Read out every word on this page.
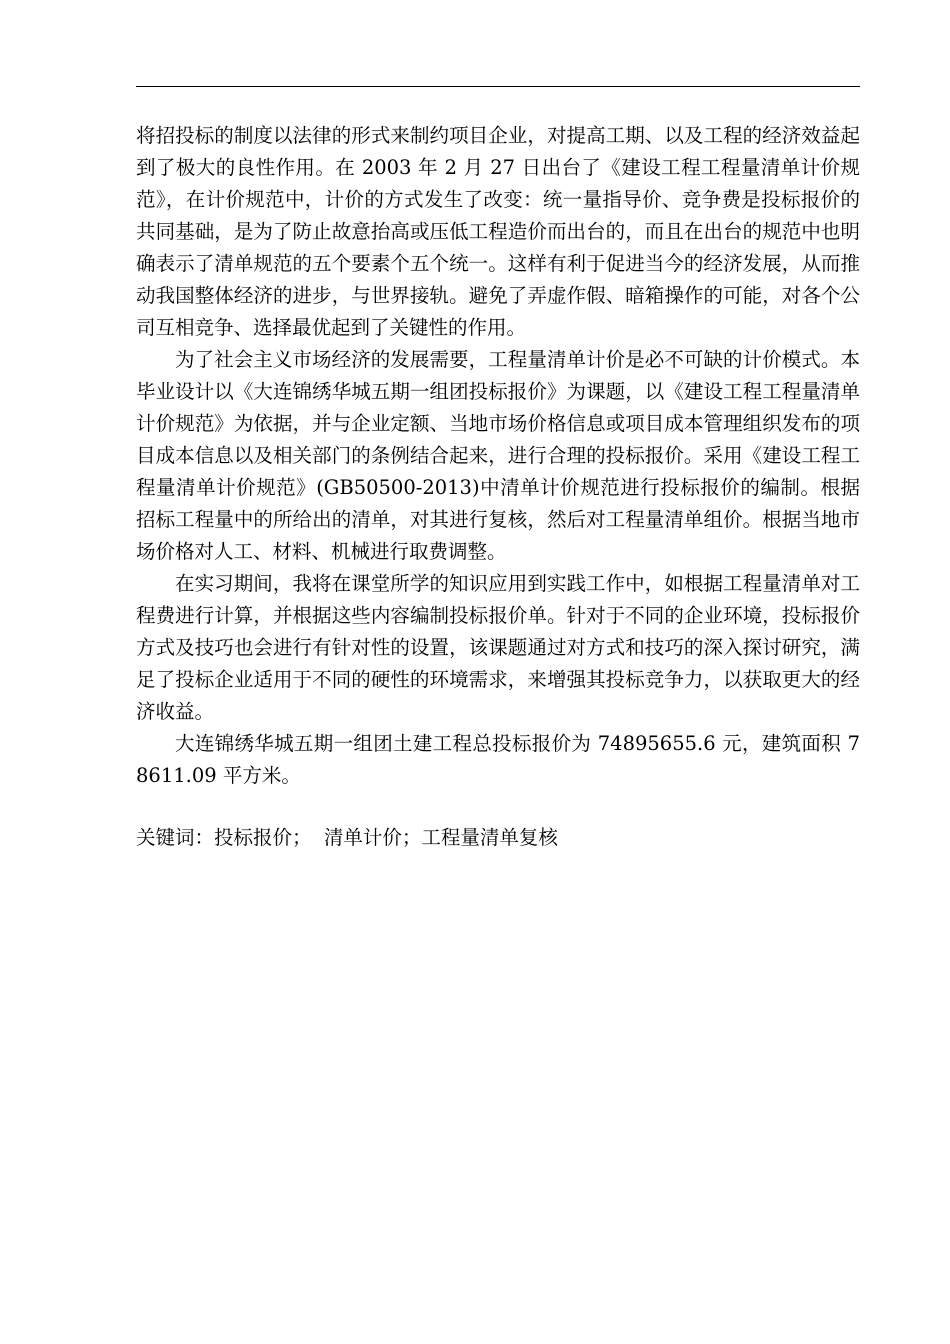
将招投标的制度以法律的形式来制约项目企业，对提高工期、以及工程的经济效益起到了极大的良性作用。在 2003 年 2 月 27 日出台了《建设工程工程量清单计价规范》，在计价规范中，计价的方式发生了改变：统一量指导价、竞争费是投标报价的共同基础，是为了防止故意抬高或压低工程造价而出台的，而且在出台的规范中也明确表示了清单规范的五个要素个五个统一。这样有利于促进当今的经济发展，从而推动我国整体经济的进步，与世界接轨。避免了弄虚作假、暗箱操作的可能，对各个公司互相竞争、选择最优起到了关键性的作用。

为了社会主义市场经济的发展需要，工程量清单计价是必不可缺的计价模式。本毕业设计以《大连锦绣华城五期一组团投标报价》为课题，以《建设工程工程量清单计价规范》为依据，并与企业定额、当地市场价格信息或项目成本管理组织发布的项目成本信息以及相关部门的条例结合起来，进行合理的投标报价。采用《建设工程工程量清单计价规范》(GB50500-2013)中清单计价规范进行投标报价的编制。根据招标工程量中的所给出的清单，对其进行复核，然后对工程量清单组价。根据当地市场价格对人工、材料、机械进行取费调整。

在实习期间，我将在课堂所学的知识应用到实践工作中，如根据工程量清单对工程费进行计算，并根据这些内容编制投标报价单。针对于不同的企业环境，投标报价方式及技巧也会进行有针对性的设置，该课题通过对方式和技巧的深入探讨研究，满足了投标企业适用于不同的硬性的环境需求，来增强其投标竞争力，以获取更大的经济收益。

大连锦绣华城五期一组团土建工程总投标报价为 74895655.6 元，建筑面积 78611.09 平方米。

关键词：投标报价；  清单计价；工程量清单复核
